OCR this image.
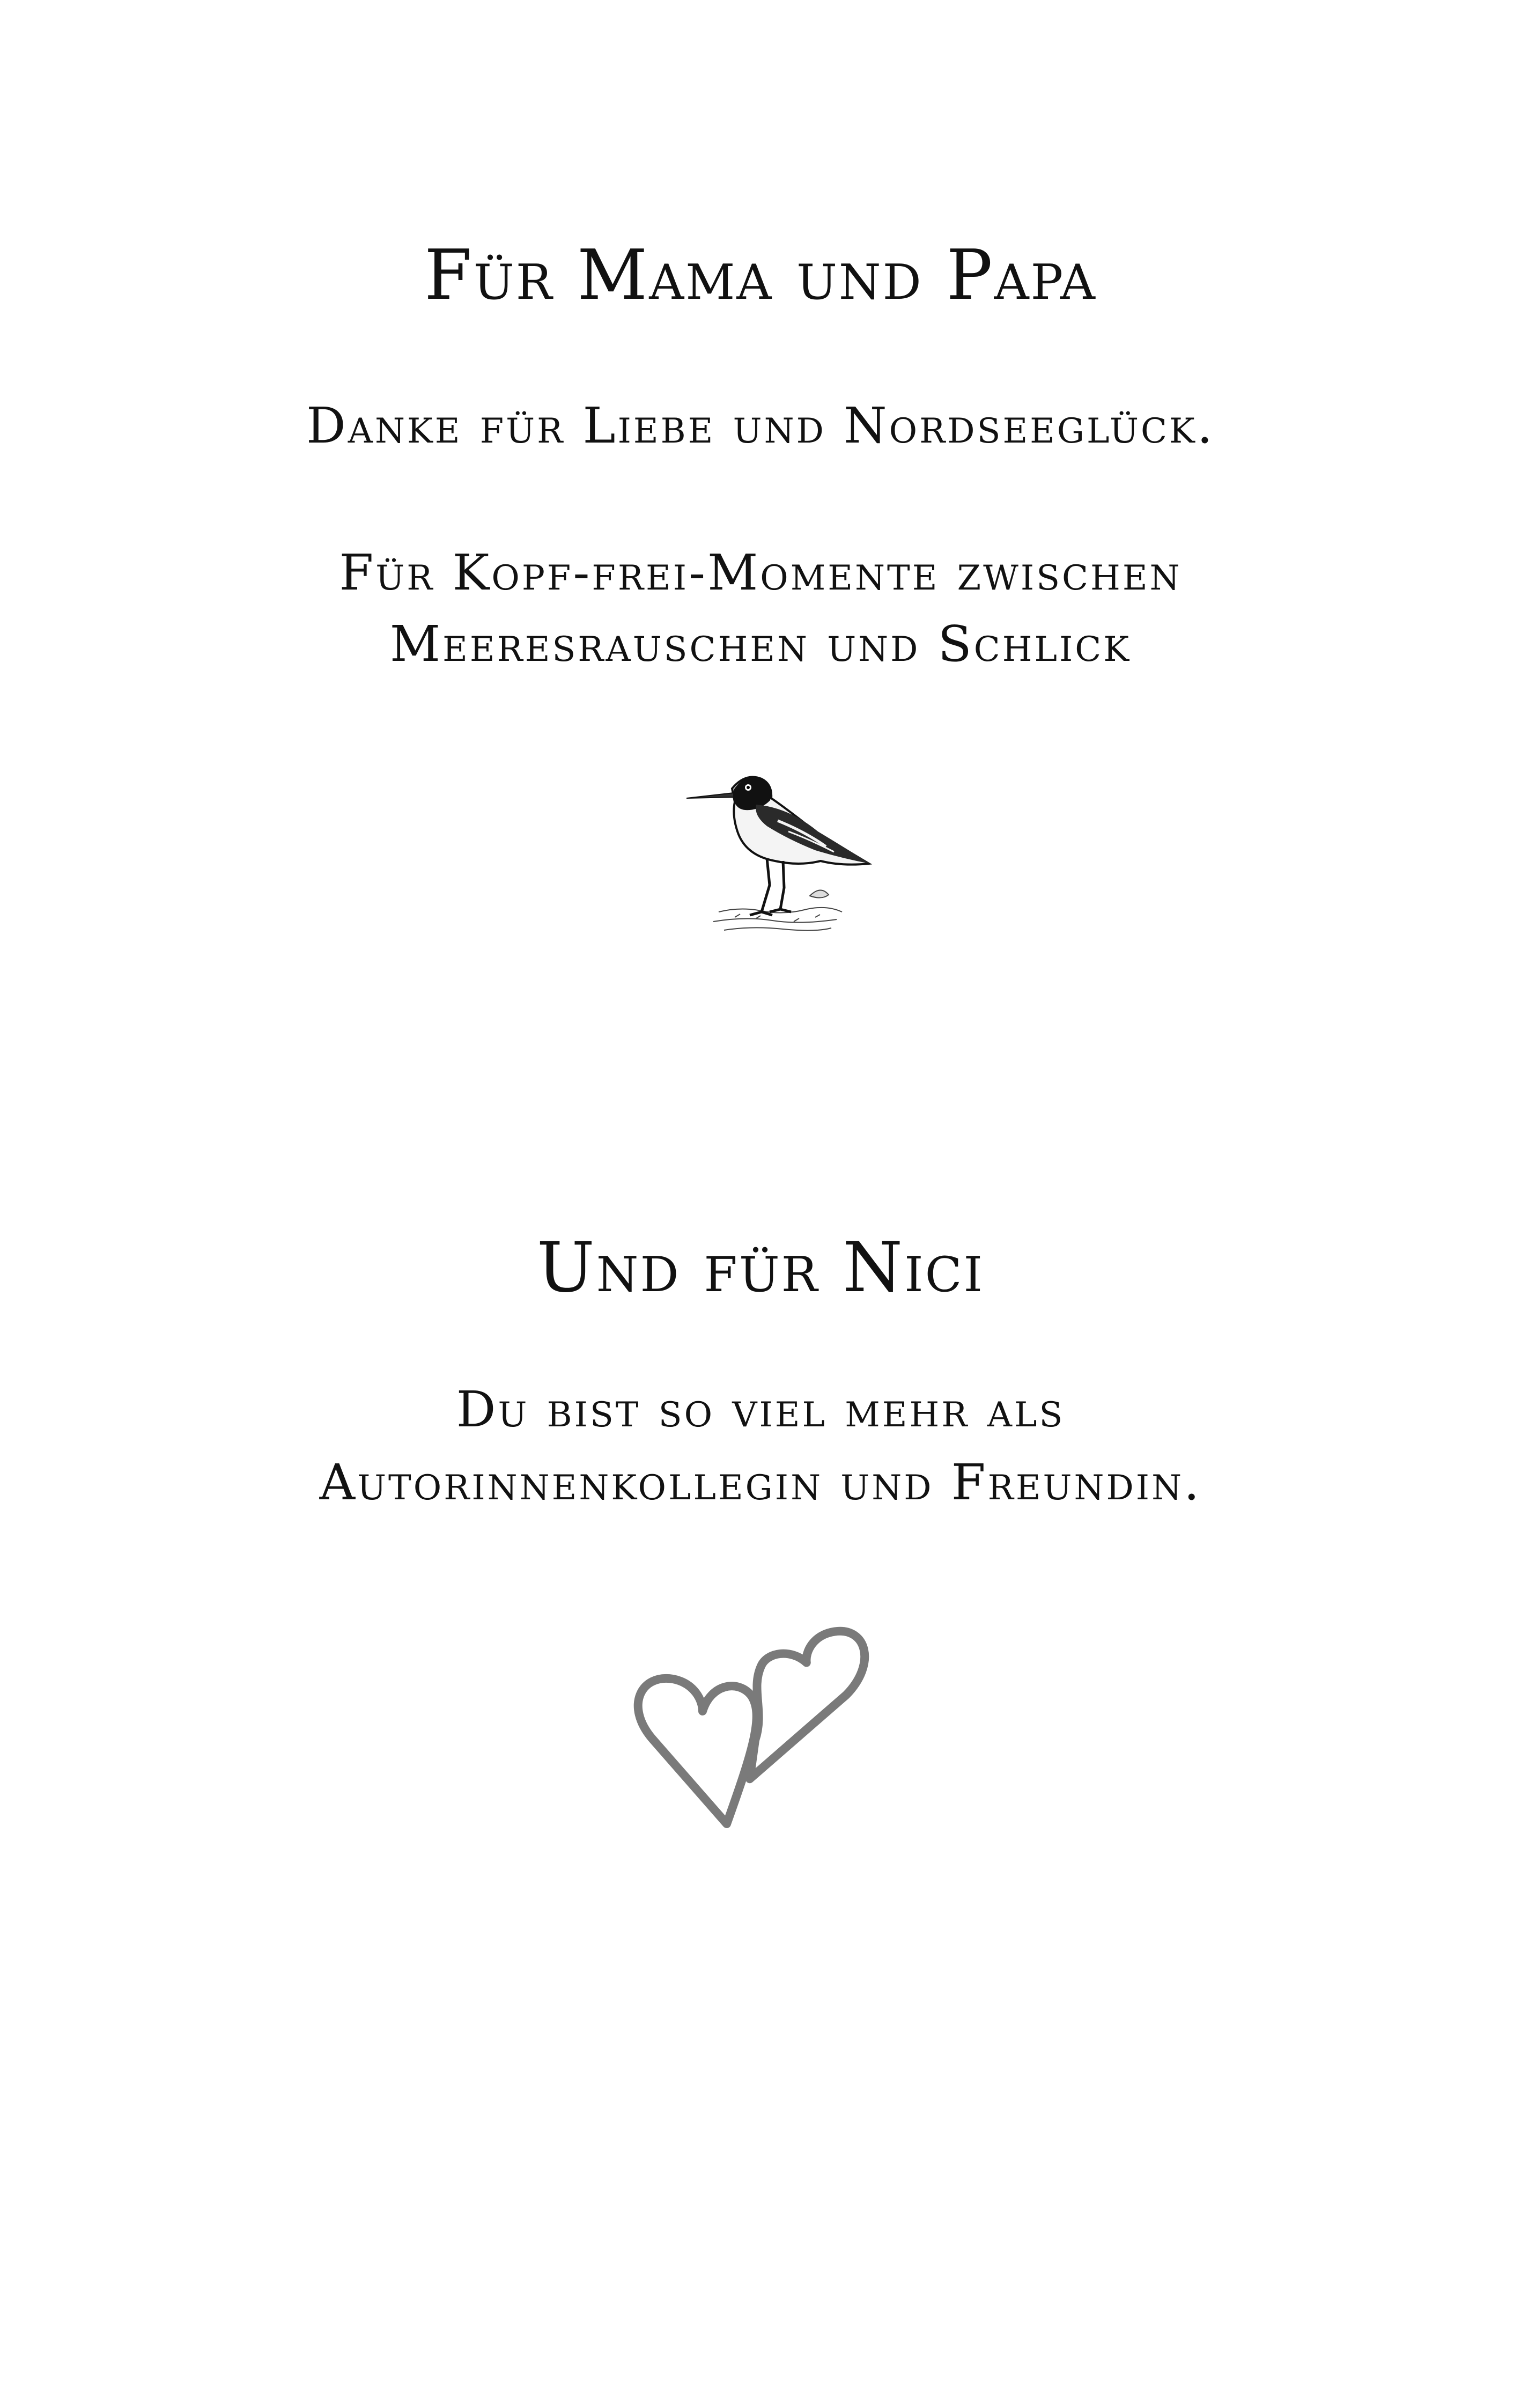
Für Mama und Papa
Danke für Liebe und Nordseeglück.
Für Kopf-frei-Momente zwischen
Meeresrauschen und Schlick
Und für Nici
Du bist so viel mehr als
Autorinnenkollegin und Freundin.
